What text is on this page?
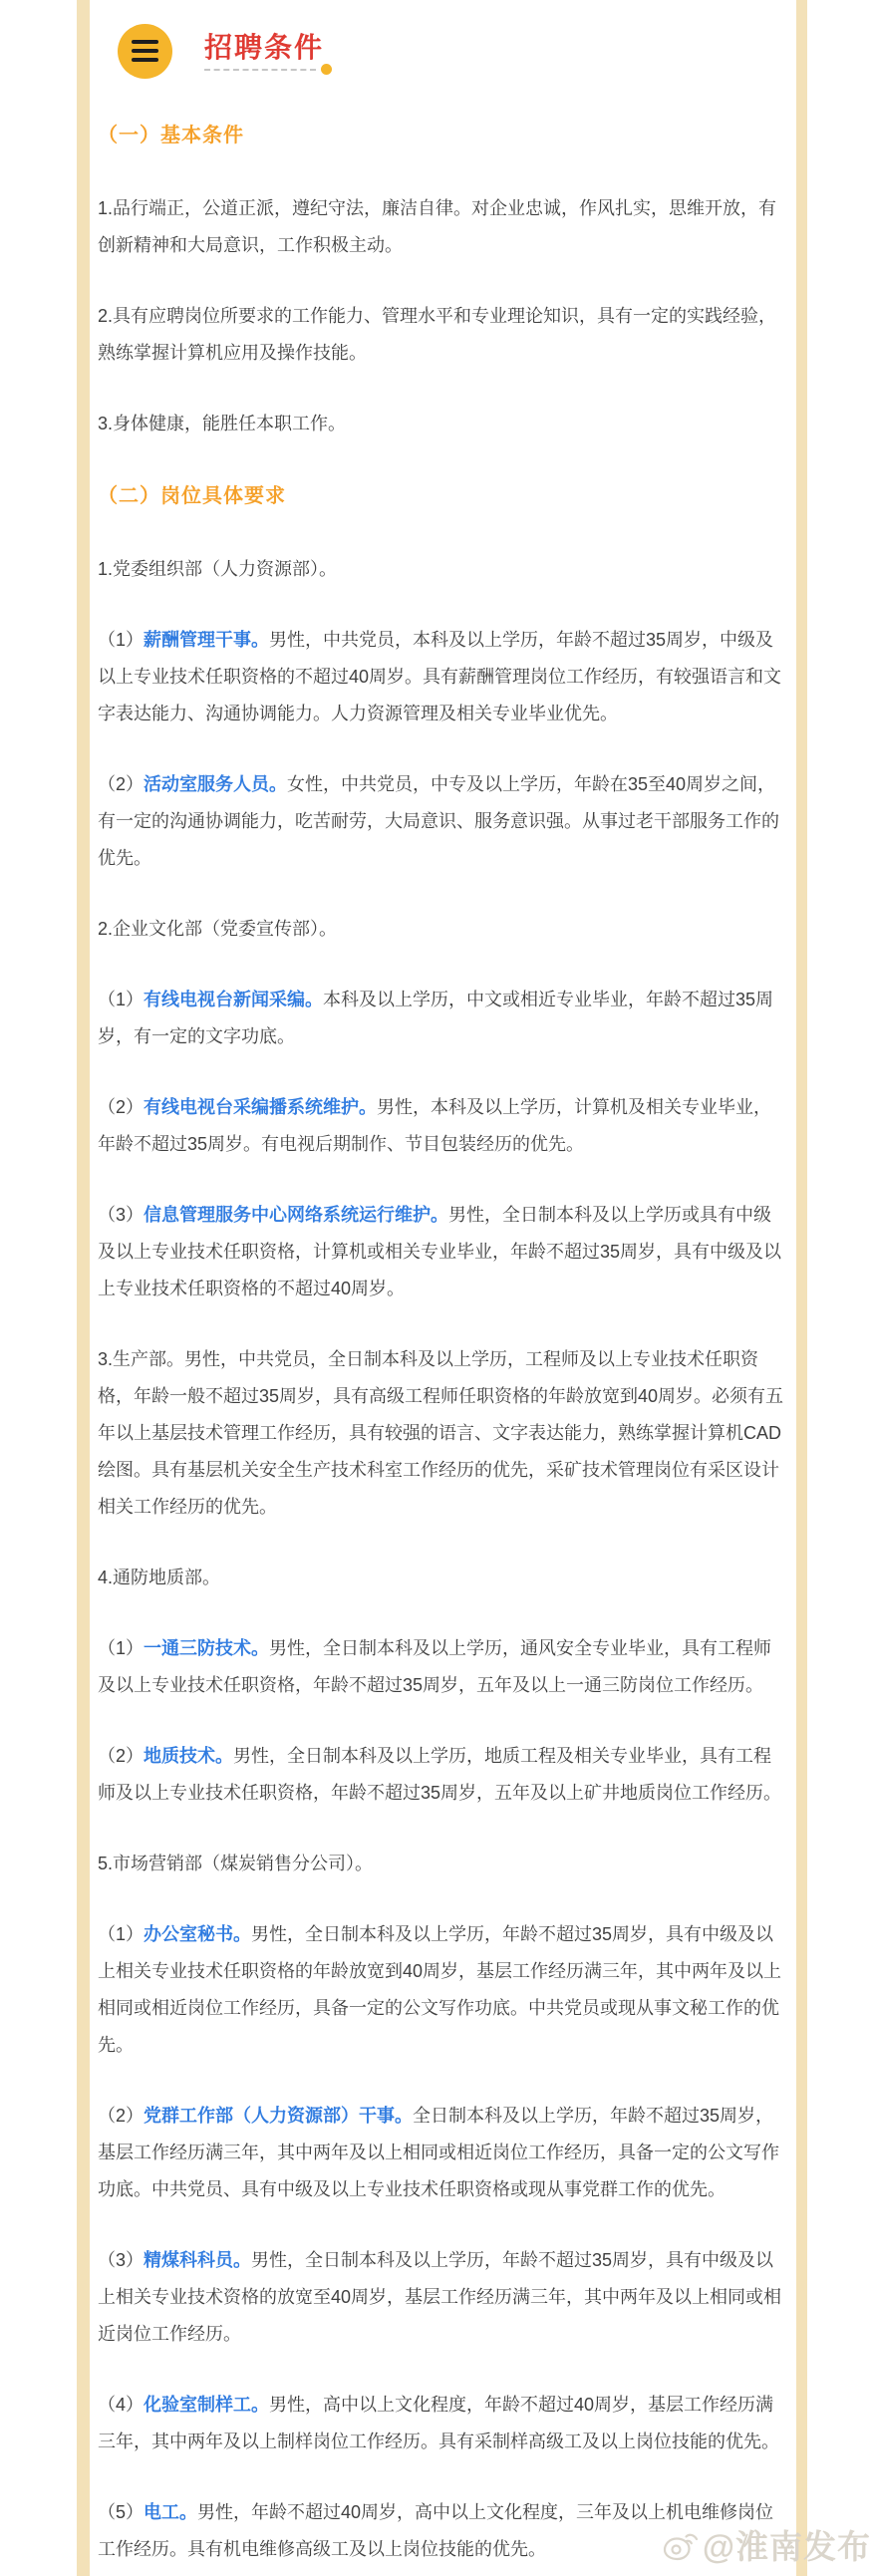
招聘条件
（一）基本条件

1.品行端正，公道正派，遵纪守法，廉洁自律。对企业忠诚，作风扎实，思维开放，有创新精神和大局意识，工作积极主动。

2.具有应聘岗位所要求的工作能力、管理水平和专业理论知识，具有一定的实践经验，熟练掌握计算机应用及操作技能。

3.身体健康，能胜任本职工作。

（二）岗位具体要求

1.党委组织部（人力资源部）。

（1）薪酬管理干事。男性，中共党员，本科及以上学历，年龄不超过35周岁，中级及以上专业技术任职资格的不超过40周岁。具有薪酬管理岗位工作经历，有较强语言和文字表达能力、沟通协调能力。人力资源管理及相关专业毕业优先。

（2）活动室服务人员。女性，中共党员，中专及以上学历，年龄在35至40周岁之间，有一定的沟通协调能力，吃苦耐劳，大局意识、服务意识强。从事过老干部服务工作的优先。

2.企业文化部（党委宣传部）。

（1）有线电视台新闻采编。本科及以上学历，中文或相近专业毕业，年龄不超过35周岁，有一定的文字功底。

（2）有线电视台采编播系统维护。男性，本科及以上学历，计算机及相关专业毕业，年龄不超过35周岁。有电视后期制作、节目包装经历的优先。

（3）信息管理服务中心网络系统运行维护。男性，全日制本科及以上学历或具有中级及以上专业技术任职资格，计算机或相关专业毕业，年龄不超过35周岁，具有中级及以上专业技术任职资格的不超过40周岁。

3.生产部。男性，中共党员，全日制本科及以上学历，工程师及以上专业技术任职资格，年龄一般不超过35周岁，具有高级工程师任职资格的年龄放宽到40周岁。必须有五年以上基层技术管理工作经历，具有较强的语言、文字表达能力，熟练掌握计算机CAD绘图。具有基层机关安全生产技术科室工作经历的优先，采矿技术管理岗位有采区设计相关工作经历的优先。

4.通防地质部。

（1）一通三防技术。男性，全日制本科及以上学历，通风安全专业毕业，具有工程师及以上专业技术任职资格，年龄不超过35周岁，五年及以上一通三防岗位工作经历。

（2）地质技术。男性，全日制本科及以上学历，地质工程及相关专业毕业，具有工程师及以上专业技术任职资格，年龄不超过35周岁，五年及以上矿井地质岗位工作经历。

5.市场营销部（煤炭销售分公司）。

（1）办公室秘书。男性，全日制本科及以上学历，年龄不超过35周岁，具有中级及以上相关专业技术任职资格的年龄放宽到40周岁，基层工作经历满三年，其中两年及以上相同或相近岗位工作经历，具备一定的公文写作功底。中共党员或现从事文秘工作的优先。

（2）党群工作部（人力资源部）干事。全日制本科及以上学历，年龄不超过35周岁，基层工作经历满三年，其中两年及以上相同或相近岗位工作经历，具备一定的公文写作功底。中共党员、具有中级及以上专业技术任职资格或现从事党群工作的优先。

（3）精煤科科员。男性，全日制本科及以上学历，年龄不超过35周岁，具有中级及以上相关专业技术资格的放宽至40周岁，基层工作经历满三年，其中两年及以上相同或相近岗位工作经历。

（4）化验室制样工。男性，高中以上文化程度，年龄不超过40周岁，基层工作经历满三年，其中两年及以上制样岗位工作经历。具有采制样高级工及以上岗位技能的优先。

（5）电工。男性，年龄不超过40周岁，高中以上文化程度，三年及以上机电维修岗位工作经历。具有机电维修高级工及以上岗位技能的优先。	@淮南发布
